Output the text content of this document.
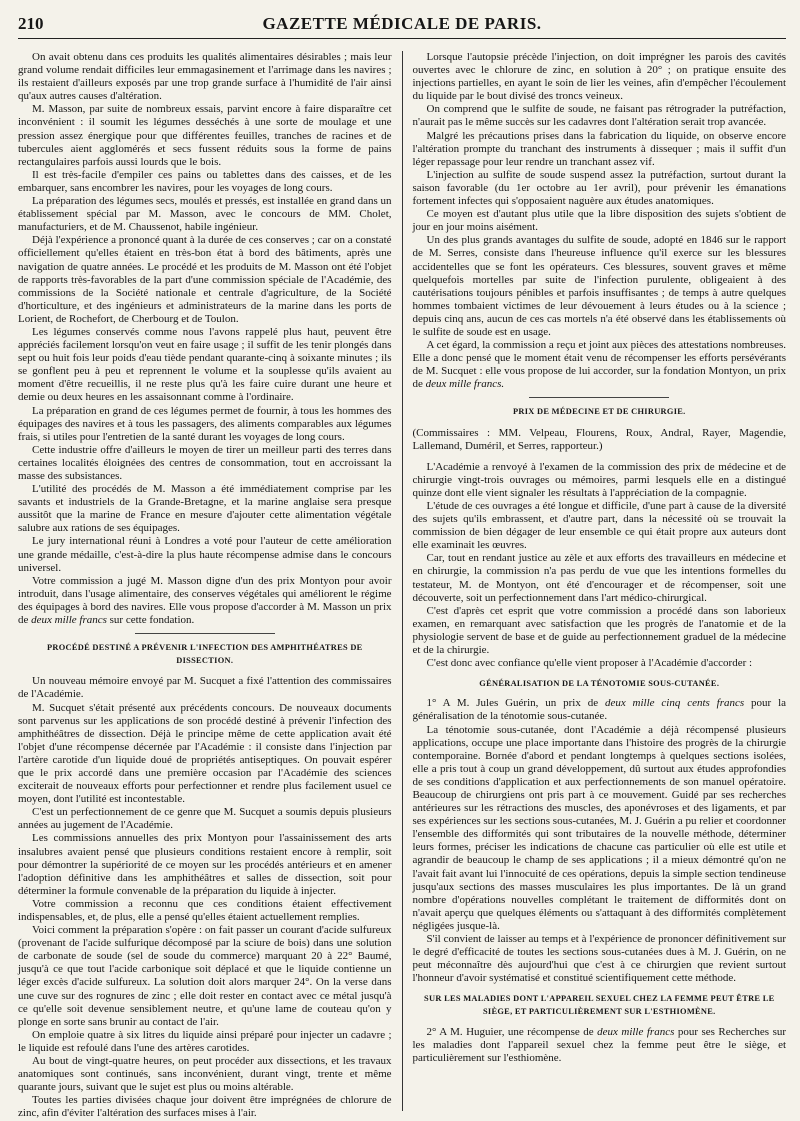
210	GAZETTE MÉDICALE DE PARIS.

On avait obtenu dans ces produits les qualités alimentaires désirables ; mais leur grand volume rendait difficiles leur emmagasinement et l'arrimage dans les navires ; ils restaient d'ailleurs exposés par une trop grande surface à l'humidité de l'air ainsi qu'aux autres causes d'altération.

M. Masson, par suite de nombreux essais, parvint encore à faire disparaître cet inconvénient : il soumit les légumes desséchés à une sorte de moulage et une pression assez énergique pour que différentes feuilles, tranches de racines et de tubercules aient agglomérés et secs fussent réduits sous la forme de pains rectangulaires parfois aussi lourds que le bois.

Il est très-facile d'empiler ces pains ou tablettes dans des caisses, et de les embarquer, sans encombrer les navires, pour les voyages de long cours.

La préparation des légumes secs, moulés et pressés, est installée en grand dans un établissement spécial par M. Masson, avec le concours de MM. Cholet, manufacturiers, et de M. Chaussenot, habile ingénieur.

Déjà l'expérience a prononcé quant à la durée de ces conserves ; car on a constaté officiellement qu'elles étaient en très-bon état à bord des bâtiments, après une navigation de quatre années. Le procédé et les produits de M. Masson ont été l'objet de rapports très-favorables de la part d'une commission spéciale de l'Académie, des commissions de la Société nationale et centrale d'agriculture, de la Société d'horticulture, et des ingénieurs et administrateurs de la marine dans les ports de Lorient, de Rochefort, de Cherbourg et de Toulon.

Les légumes conservés comme nous l'avons rappelé plus haut, peuvent être appréciés facilement lorsqu'on veut en faire usage ; il suffit de les tenir plongés dans sept ou huit fois leur poids d'eau tiède pendant quarante-cinq à soixante minutes ; ils se gonflent peu à peu et reprennent le volume et la souplesse qu'ils avaient au moment d'être recueillis, il ne reste plus qu'à les faire cuire durant une heure et demie ou deux heures en les assaisonnant comme à l'ordinaire.

La préparation en grand de ces légumes permet de fournir, à tous les hommes des équipages des navires et à tous les passagers, des aliments comparables aux légumes frais, si utiles pour l'entretien de la santé durant les voyages de long cours.

Cette industrie offre d'ailleurs le moyen de tirer un meilleur parti des terres dans certaines localités éloignées des centres de consommation, tout en accroissant la masse des subsistances.

L'utilité des procédés de M. Masson a été immédiatement comprise par les savants et industriels de la Grande-Bretagne, et la marine anglaise sera presque aussitôt que la marine de France en mesure d'ajouter cette alimentation végétale salubre aux rations de ses équipages.

Le jury international réuni à Londres a voté pour l'auteur de cette amélioration une grande médaille, c'est-à-dire la plus haute récompense admise dans le concours universel.

Votre commission a jugé M. Masson digne d'un des prix Montyon pour avoir introduit, dans l'usage alimentaire, des conserves végétales qui améliorent le régime des équipages à bord des navires. Elle vous propose d'accorder à M. Masson un prix de deux mille francs sur cette fondation.

PROCÉDÉ DESTINÉ A PRÉVENIR L'INFECTION DES AMPHITHÉATRES DE DISSECTION.

Un nouveau mémoire envoyé par M. Sucquet a fixé l'attention des commissaires de l'Académie.

M. Sucquet s'était présenté aux précédents concours. De nouveaux documents sont parvenus sur les applications de son procédé destiné à prévenir l'infection des amphithéâtres de dissection. Déjà le principe même de cette application avait été l'objet d'une récompense décernée par l'Académie : il consiste dans l'injection par l'artère carotide d'un liquide doué de propriétés antiseptiques. On pouvait espérer que le prix accordé dans une première occasion par l'Académie des sciences exciterait de nouveaux efforts pour perfectionner et rendre plus facilement usuel ce moyen, dont l'utilité est incontestable.

C'est un perfectionnement de ce genre que M. Sucquet a soumis depuis plusieurs années au jugement de l'Académie.

Les commissions annuelles des prix Montyon pour l'assainissement des arts insalubres avaient pensé que plusieurs conditions restaient encore à remplir, soit pour démontrer la supériorité de ce moyen sur les procédés antérieurs et en amener l'adoption définitive dans les amphithéâtres et salles de dissection, soit pour déterminer la formule convenable de la préparation du liquide à injecter.

Votre commission a reconnu que ces conditions étaient effectivement indispensables, et, de plus, elle a pensé qu'elles étaient actuellement remplies.

Voici comment la préparation s'opère : on fait passer un courant d'acide sulfureux (provenant de l'acide sulfurique décomposé par la sciure de bois) dans une solution de carbonate de soude (sel de soude du commerce) marquant 20 à 22° Baumé, jusqu'à ce que tout l'acide carbonique soit déplacé et que le liquide contienne un léger excès d'acide sulfureux. La solution doit alors marquer 24°. On la verse dans une cuve sur des rognures de zinc ; elle doit rester en contact avec ce métal jusqu'à ce qu'elle soit devenue sensiblement neutre, et qu'une lame de couteau qu'on y plonge en sorte sans brunir au contact de l'air.

On emploie quatre à six litres du liquide ainsi préparé pour injecter un cadavre ; le liquide est refoulé dans l'une des artères carotides.

Au bout de vingt-quatre heures, on peut procéder aux dissections, et les travaux anatomiques sont continués, sans inconvénient, durant vingt, trente et même quarante jours, suivant que le sujet est plus ou moins altérable.

Toutes les parties divisées chaque jour doivent être imprégnées de chlorure de zinc, afin d'éviter l'altération des surfaces mises à l'air.

Lorsque l'autopsie précède l'injection, on doit imprégner les parois des cavités ouvertes avec le chlorure de zinc, en solution à 20° ; on pratique ensuite des injections partielles, en ayant le soin de lier les veines, afin d'empêcher l'écoulement du liquide par le bout divisé des troncs veineux.

On comprend que le sulfite de soude, ne faisant pas rétrograder la putréfaction, n'aurait pas le même succès sur les cadavres dont l'altération serait trop avancée.

Malgré les précautions prises dans la fabrication du liquide, on observe encore l'altération prompte du tranchant des instruments à dissequer ; mais il suffit d'un léger repassage pour leur rendre un tranchant assez vif.

L'injection au sulfite de soude suspend assez la putréfaction, surtout durant la saison favorable (du 1er octobre au 1er avril), pour prévenir les émanations fortement infectes qui s'opposaient naguère aux études anatomiques.

Ce moyen est d'autant plus utile que la libre disposition des sujets s'obtient de jour en jour moins aisément.

Un des plus grands avantages du sulfite de soude, adopté en 1846 sur le rapport de M. Serres, consiste dans l'heureuse influence qu'il exerce sur les blessures accidentelles que se font les opérateurs. Ces blessures, souvent graves et même quelquefois mortelles par suite de l'infection purulente, obligeaient à des cautérisations toujours pénibles et parfois insuffisantes ; de temps à autre quelques hommes tombaient victimes de leur dévouement à leurs études ou à la science ; depuis cinq ans, aucun de ces cas mortels n'a été observé dans les établissements où le sulfite de soude est en usage.

A cet égard, la commission a reçu et joint aux pièces des attestations nombreuses. Elle a donc pensé que le moment était venu de récompenser les efforts persévérants de M. Sucquet : elle vous propose de lui accorder, sur la fondation Montyon, un prix de deux mille francs.

PRIX DE MÉDECINE ET DE CHIRURGIE.

(Commissaires : MM. Velpeau, Flourens, Roux, Andral, Rayer, Magendie, Lallemand, Duméril, et Serres, rapporteur.)

L'Académie a renvoyé à l'examen de la commission des prix de médecine et de chirurgie vingt-trois ouvrages ou mémoires, parmi lesquels elle en a distingué quinze dont elle vient signaler les résultats à l'appréciation de la compagnie.

L'étude de ces ouvrages a été longue et difficile, d'une part à cause de la diversité des sujets qu'ils embrassent, et d'autre part, dans la nécessité où se trouvait la commission de bien dégager de leur ensemble ce qui était propre aux auteurs dont elle examinait les œuvres.

Car, tout en rendant justice au zèle et aux efforts des travailleurs en médecine et en chirurgie, la commission n'a pas perdu de vue que les intentions formelles du testateur, M. de Montyon, ont été d'encourager et de récompenser, soit une découverte, soit un perfectionnement dans l'art médico-chirurgical.

C'est d'après cet esprit que votre commission a procédé dans son laborieux examen, en remarquant avec satisfaction que les progrès de l'anatomie et de la physiologie servent de base et de guide au perfectionnement graduel de la médecine et de la chirurgie.

C'est donc avec confiance qu'elle vient proposer à l'Académie d'accorder :

GÉNÉRALISATION DE LA TÉNOTOMIE SOUS-CUTANÉE.

1° A M. Jules Guérin, un prix de deux mille cinq cents francs pour la généralisation de la ténotomie sous-cutanée.

La ténotomie sous-cutanée, dont l'Académie a déjà récompensé plusieurs applications, occupe une place importante dans l'histoire des progrès de la chirurgie contemporaine. Bornée d'abord et pendant longtemps à quelques sections isolées, elle a pris tout à coup un grand développement, dû surtout aux études approfondies de ses conditions d'application et aux perfectionnements de son manuel opératoire. Beaucoup de chirurgiens ont pris part à ce mouvement. Guidé par ses recherches antérieures sur les rétractions des muscles, des aponévroses et des ligaments, et par ses expériences sur les sections sous-cutanées, M. J. Guérin a pu relier et coordonner l'ensemble des difformités qui sont tributaires de la nouvelle méthode, déterminer leurs formes, préciser les indications de chacune cas particulier où elle est utile et agrandir de beaucoup le champ de ses applications ; il a mieux démontré qu'on ne l'avait fait avant lui l'innocuité de ces opérations, depuis la simple section tendineuse jusqu'aux sections des masses musculaires les plus importantes. De là un grand nombre d'opérations nouvelles complétant le traitement de difformités dont on n'avait aperçu que quelques éléments ou s'attaquant à des difformités complètement négligées jusque-là.

S'il convient de laisser au temps et à l'expérience de prononcer définitivement sur le degré d'efficacité de toutes les sections sous-cutanées dues à M. J. Guérin, on ne peut méconnaître dès aujourd'hui que c'est à ce chirurgien que revient surtout l'honneur d'avoir systématisé et constitué scientifiquement cette méthode.

SUR LES MALADIES DONT L'APPAREIL SEXUEL CHEZ LA FEMME PEUT ÊTRE LE SIÈGE, ET PARTICULIÈREMENT SUR L'ESTHIOMÈNE.

2° A M. Huguier, une récompense de deux mille francs pour ses Recherches sur les maladies dont l'appareil sexuel chez la femme peut être le siège, et particulièrement sur l'esthiomène.
